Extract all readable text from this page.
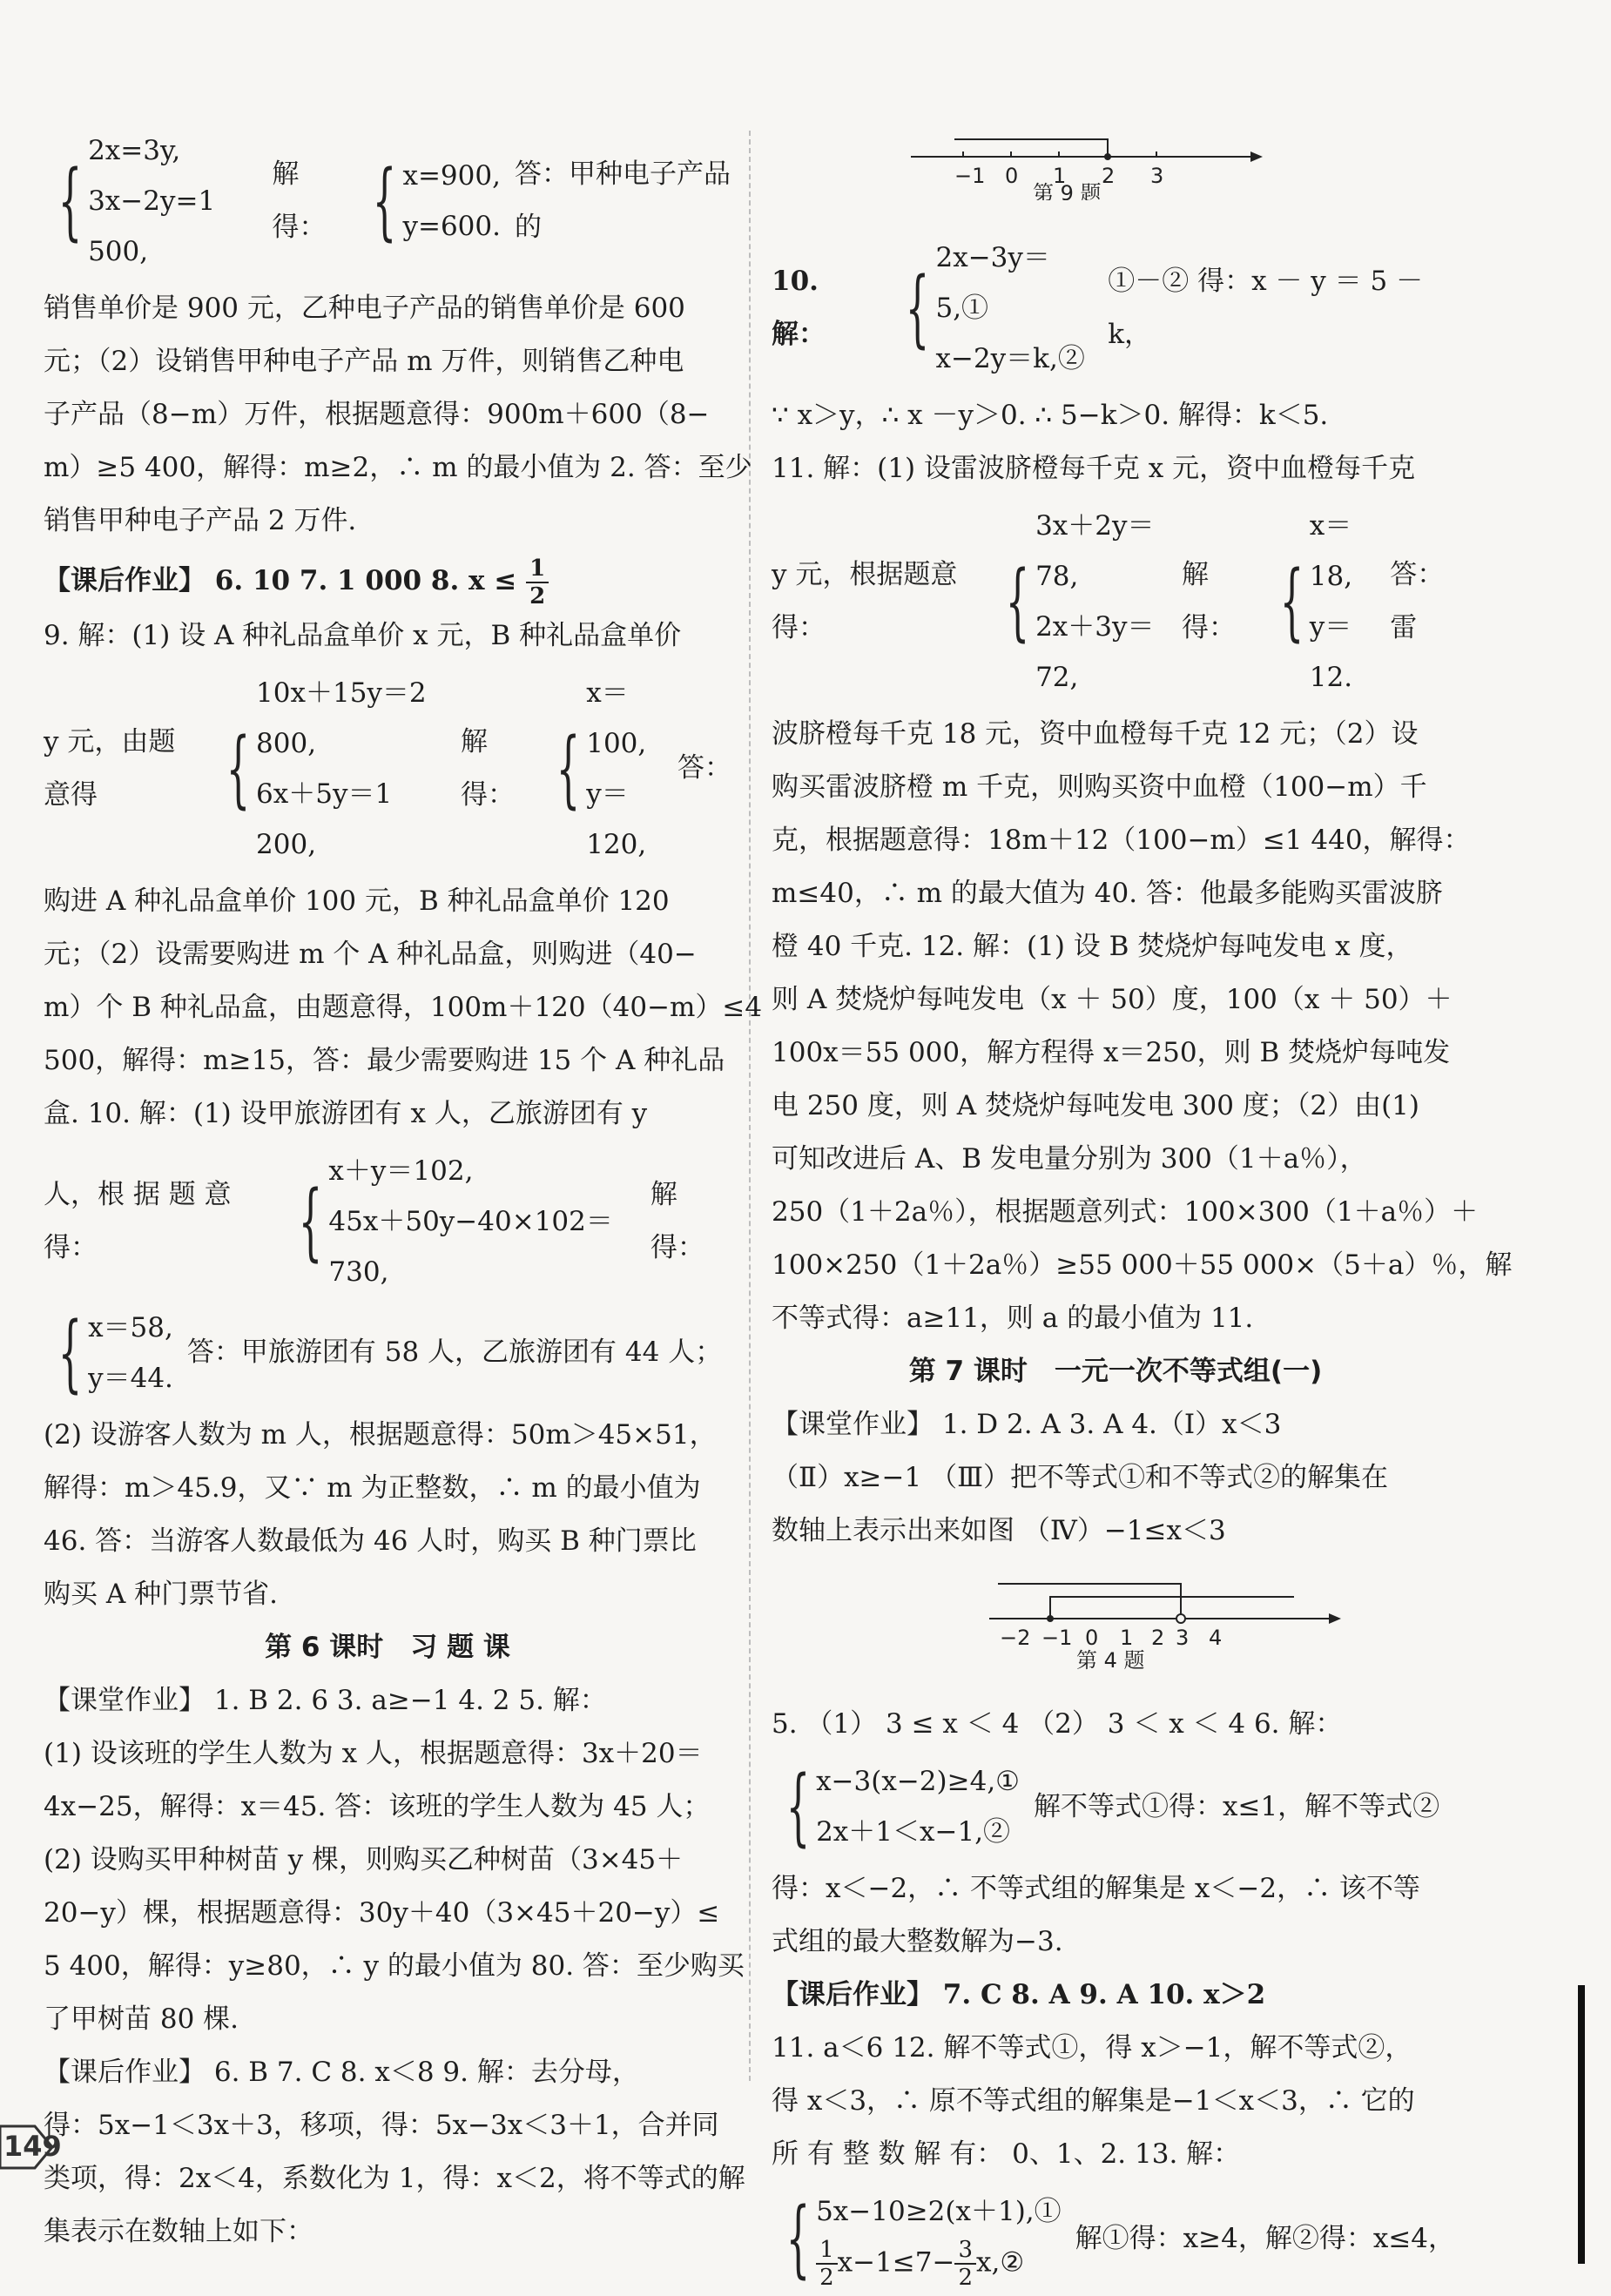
{
2x=3y,
3x−2y=1 500,
解得： { x=900,
y=600.
答：甲种电子产品的

销售单价是 900 元，乙种电子产品的销售单价是 600

元；（2）设销售甲种电子产品 m 万件，则销售乙种电

子产品（8−m）万件，根据题意得：900m＋600（8−

m）≥5 400，解得：m≥2，∴ m 的最小值为 2. 答：至少

销售甲种电子产品 2 万件.

【课后作业】 6. 10 7. 1 000 8. $x \le \frac{1}{2}$

9. 解：(1) 设 A 种礼品盒单价 x 元，B 种礼品盒单价

y 元，由题意得	{
10x＋15y＝2 800,
6x＋5y＝1 200,
解得： {
x＝100,
y＝120,
答：

购进 A 种礼品盒单价 100 元，B 种礼品盒单价 120

元；（2）设需要购进 m 个 A 种礼品盒，则购进（40−

m）个 B 种礼品盒，由题意得，100m＋120（40−m）≤4

500，解得：m≥15，答：最少需要购进 15 个 A 种礼品

盒. 10. 解：(1) 设甲旅游团有 x 人，乙旅游团有 y

人，根 据 题 意 得：	{
x＋y＝102,
45x＋50y−40×102＝730,
解 得：
{ x＝58,
y＝44.
答：甲旅游团有 58 人，乙旅游团有 44 人；

(2) 设游客人数为 m 人，根据题意得：50m＞45×51，

解得：m＞45.9，又∵ m 为正整数，∴ m 的最小值为

46. 答：当游客人数最低为 46 人时，购买 B 种门票比

购买 A 种门票节省.

第 6 课时　习 题 课

【课堂作业】 1. B 2. 6 3. a≥−1 4. 2 5. 解：

(1) 设该班的学生人数为 x 人，根据题意得：3x＋20＝

4x−25，解得：x＝45. 答：该班的学生人数为 45 人；

(2) 设购买甲种树苗 y 棵，则购买乙种树苗（3×45＋

20−y）棵，根据题意得：30y＋40（3×45＋20−y）≤

5 400，解得：y≥80，∴ y 的最小值为 80. 答：至少购买

了甲树苗 80 棵.

【课后作业】 6. B 7. C 8. x＜8 9. 解：去分母，

得：5x−1＜3x＋3，移项，得：5x−3x＜3＋1，合并同

类项，得：2x＜4，系数化为 1，得：x＜2，将不等式的解

集表示在数轴上如下：

−1 0 1 2 3
第 9 题
10. 解： {
2x−3y＝5,①
x−2y＝k,②
①－② 得：x － y ＝ 5 － k，

∵ x＞y，∴ x －y＞0. ∴ 5−k＞0. 解得：k＜5.

11. 解：(1) 设雷波脐橙每千克 x 元，资中血橙每千克

y 元，根据题意得：	{
3x＋2y＝78,
2x＋3y＝72,
解得： {
x＝18,
y＝12.
答：雷

波脐橙每千克 18 元，资中血橙每千克 12 元；（2）设

购买雷波脐橙 m 千克，则购买资中血橙（100−m）千

克，根据题意得：18m＋12（100−m）≤1 440，解得：

m≤40，∴ m 的最大值为 40. 答：他最多能购买雷波脐

橙 40 千克. 12. 解：(1) 设 B 焚烧炉每吨发电 x 度，

则 A 焚烧炉每吨发电（x ＋ 50）度，100（x ＋ 50）＋

100x＝55 000，解方程得 x＝250，则 B 焚烧炉每吨发

电 250 度，则 A 焚烧炉每吨发电 300 度；（2）由(1)

可知改进后 A、B 发电量分别为 300（1＋a％），

250（1＋2a％），根据题意列式：100×300（1＋a％）＋

100×250（1＋2a％）≥55 000＋55 000×（5＋a）％，解

不等式得：a≥11，则 a 的最小值为 11.

第 7 课时　一元一次不等式组(一)

【课堂作业】 1. D 2. A 3. A 4.（Ⅰ）x＜3

（Ⅱ）x≥−1 （Ⅲ）把不等式①和不等式②的解集在

数轴上表示出来如图 （Ⅳ）−1≤x＜3

−2 −1 0 1 2 3 4
第 4 题

5. （1） 3 ≤ x ＜ 4 （2） 3 ＜ x ＜ 4 6. 解：

{ x−3(x−2)≥4,①
2x＋1＜x−1,②
解不等式①得：x≤1，解不等式②

得：x＜−2，∴ 不等式组的解集是 x＜−2，∴ 该不等

式组的最大整数解为−3.

【课后作业】 7. C 8. A 9. A 10. x＞2

11. a＜6 12. 解不等式①，得 x＞−1，解不等式②，

得 x＜3，∴ 原不等式组的解集是−1＜x＜3，∴ 它的

所 有 整 数 解 有： 0、1、2. 13. 解：

{ 5x−10≥2(x＋1),①
$\frac{1}{2} x-1\le 7- \frac{3}{2}$ x,②
解①得：x≥4，解②得：x≤4，
149
